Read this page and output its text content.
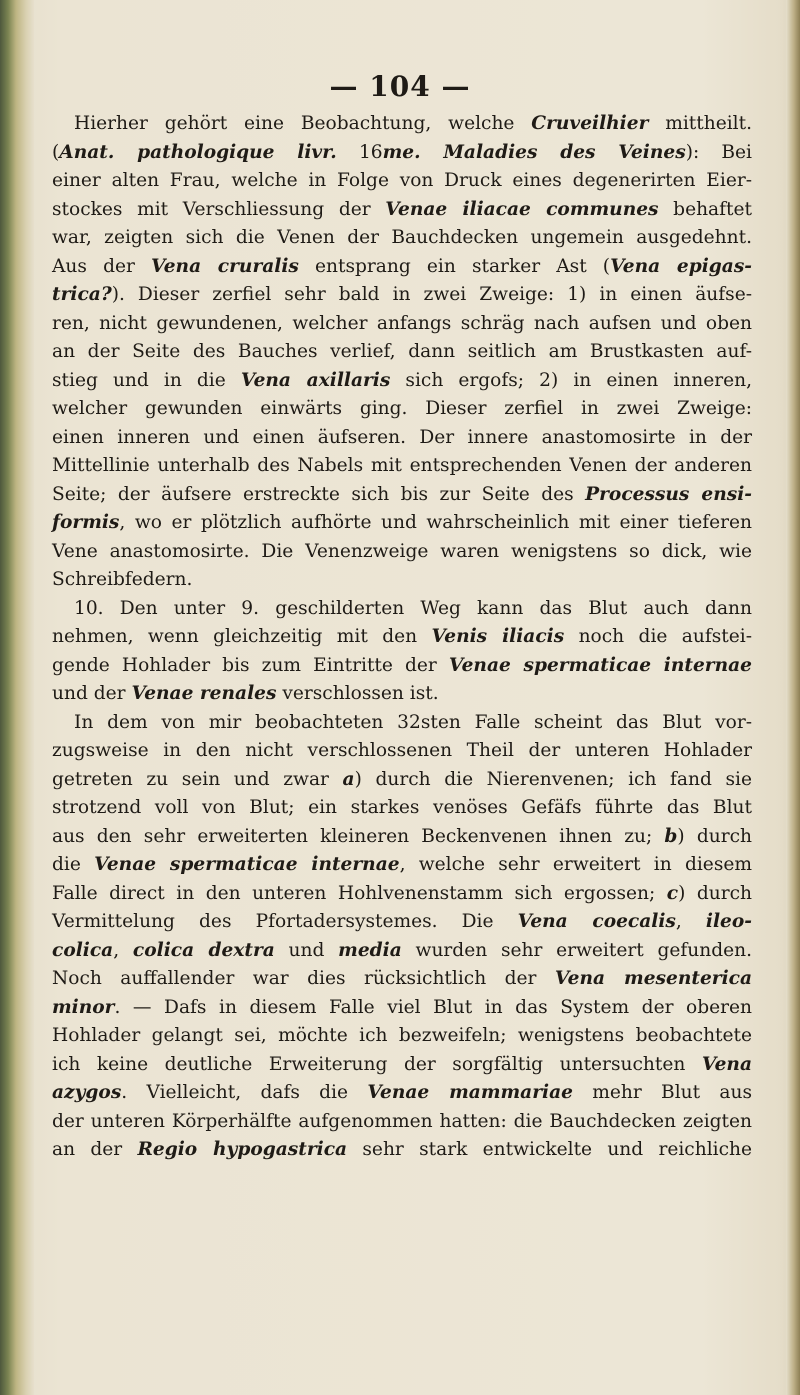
— 104 —
Hierher gehört eine Beobachtung, welche Cruveilhier mittheilt.
(Anat. pathologique livr. 16me. Maladies des Veines): Bei
einer alten Frau, welche in Folge von Druck eines degenerirten Eier-
stockes mit Verschliessung der Venae iliacae communes behaftet
war, zeigten sich die Venen der Bauchdecken ungemein ausgedehnt.
Aus der Vena cruralis entsprang ein starker Ast (Vena epigas-
trica?). Dieser zerfiel sehr bald in zwei Zweige: 1) in einen äufse-
ren, nicht gewundenen, welcher anfangs schräg nach aufsen und oben
an der Seite des Bauches verlief, dann seitlich am Brustkasten auf-
stieg und in die Vena axillaris sich ergofs; 2) in einen inneren,
welcher gewunden einwärts ging. Dieser zerfiel in zwei Zweige:
einen inneren und einen äufseren. Der innere anastomosirte in der
Mittellinie unterhalb des Nabels mit entsprechenden Venen der anderen
Seite; der äufsere erstreckte sich bis zur Seite des Processus ensi-
formis, wo er plötzlich aufhörte und wahrscheinlich mit einer tieferen
Vene anastomosirte. Die Venenzweige waren wenigstens so dick, wie
Schreibfedern.
10. Den unter 9. geschilderten Weg kann das Blut auch dann
nehmen, wenn gleichzeitig mit den Venis iliacis noch die aufstei-
gende Hohlader bis zum Eintritte der Venae spermaticae internae
und der Venae renales verschlossen ist.
In dem von mir beobachteten 32sten Falle scheint das Blut vor-
zugsweise in den nicht verschlossenen Theil der unteren Hohlader
getreten zu sein und zwar a) durch die Nierenvenen; ich fand sie
strotzend voll von Blut; ein starkes venöses Gefäfs führte das Blut
aus den sehr erweiterten kleineren Beckenvenen ihnen zu; b) durch
die Venae spermaticae internae, welche sehr erweitert in diesem
Falle direct in den unteren Hohlvenenstamm sich ergossen; c) durch
Vermittelung des Pfortadersystemes. Die Vena coecalis, ileo-
colica, colica dextra und media wurden sehr erweitert gefunden.
Noch auffallender war dies rücksichtlich der Vena mesenterica
minor. — Dafs in diesem Falle viel Blut in das System der oberen
Hohlader gelangt sei, möchte ich bezweifeln; wenigstens beobachtete
ich keine deutliche Erweiterung der sorgfältig untersuchten Vena
azygos. Vielleicht, dafs die Venae mammariae mehr Blut aus
der unteren Körperhälfte aufgenommen hatten: die Bauchdecken zeigten
an der Regio hypogastrica sehr stark entwickelte und reichliche
